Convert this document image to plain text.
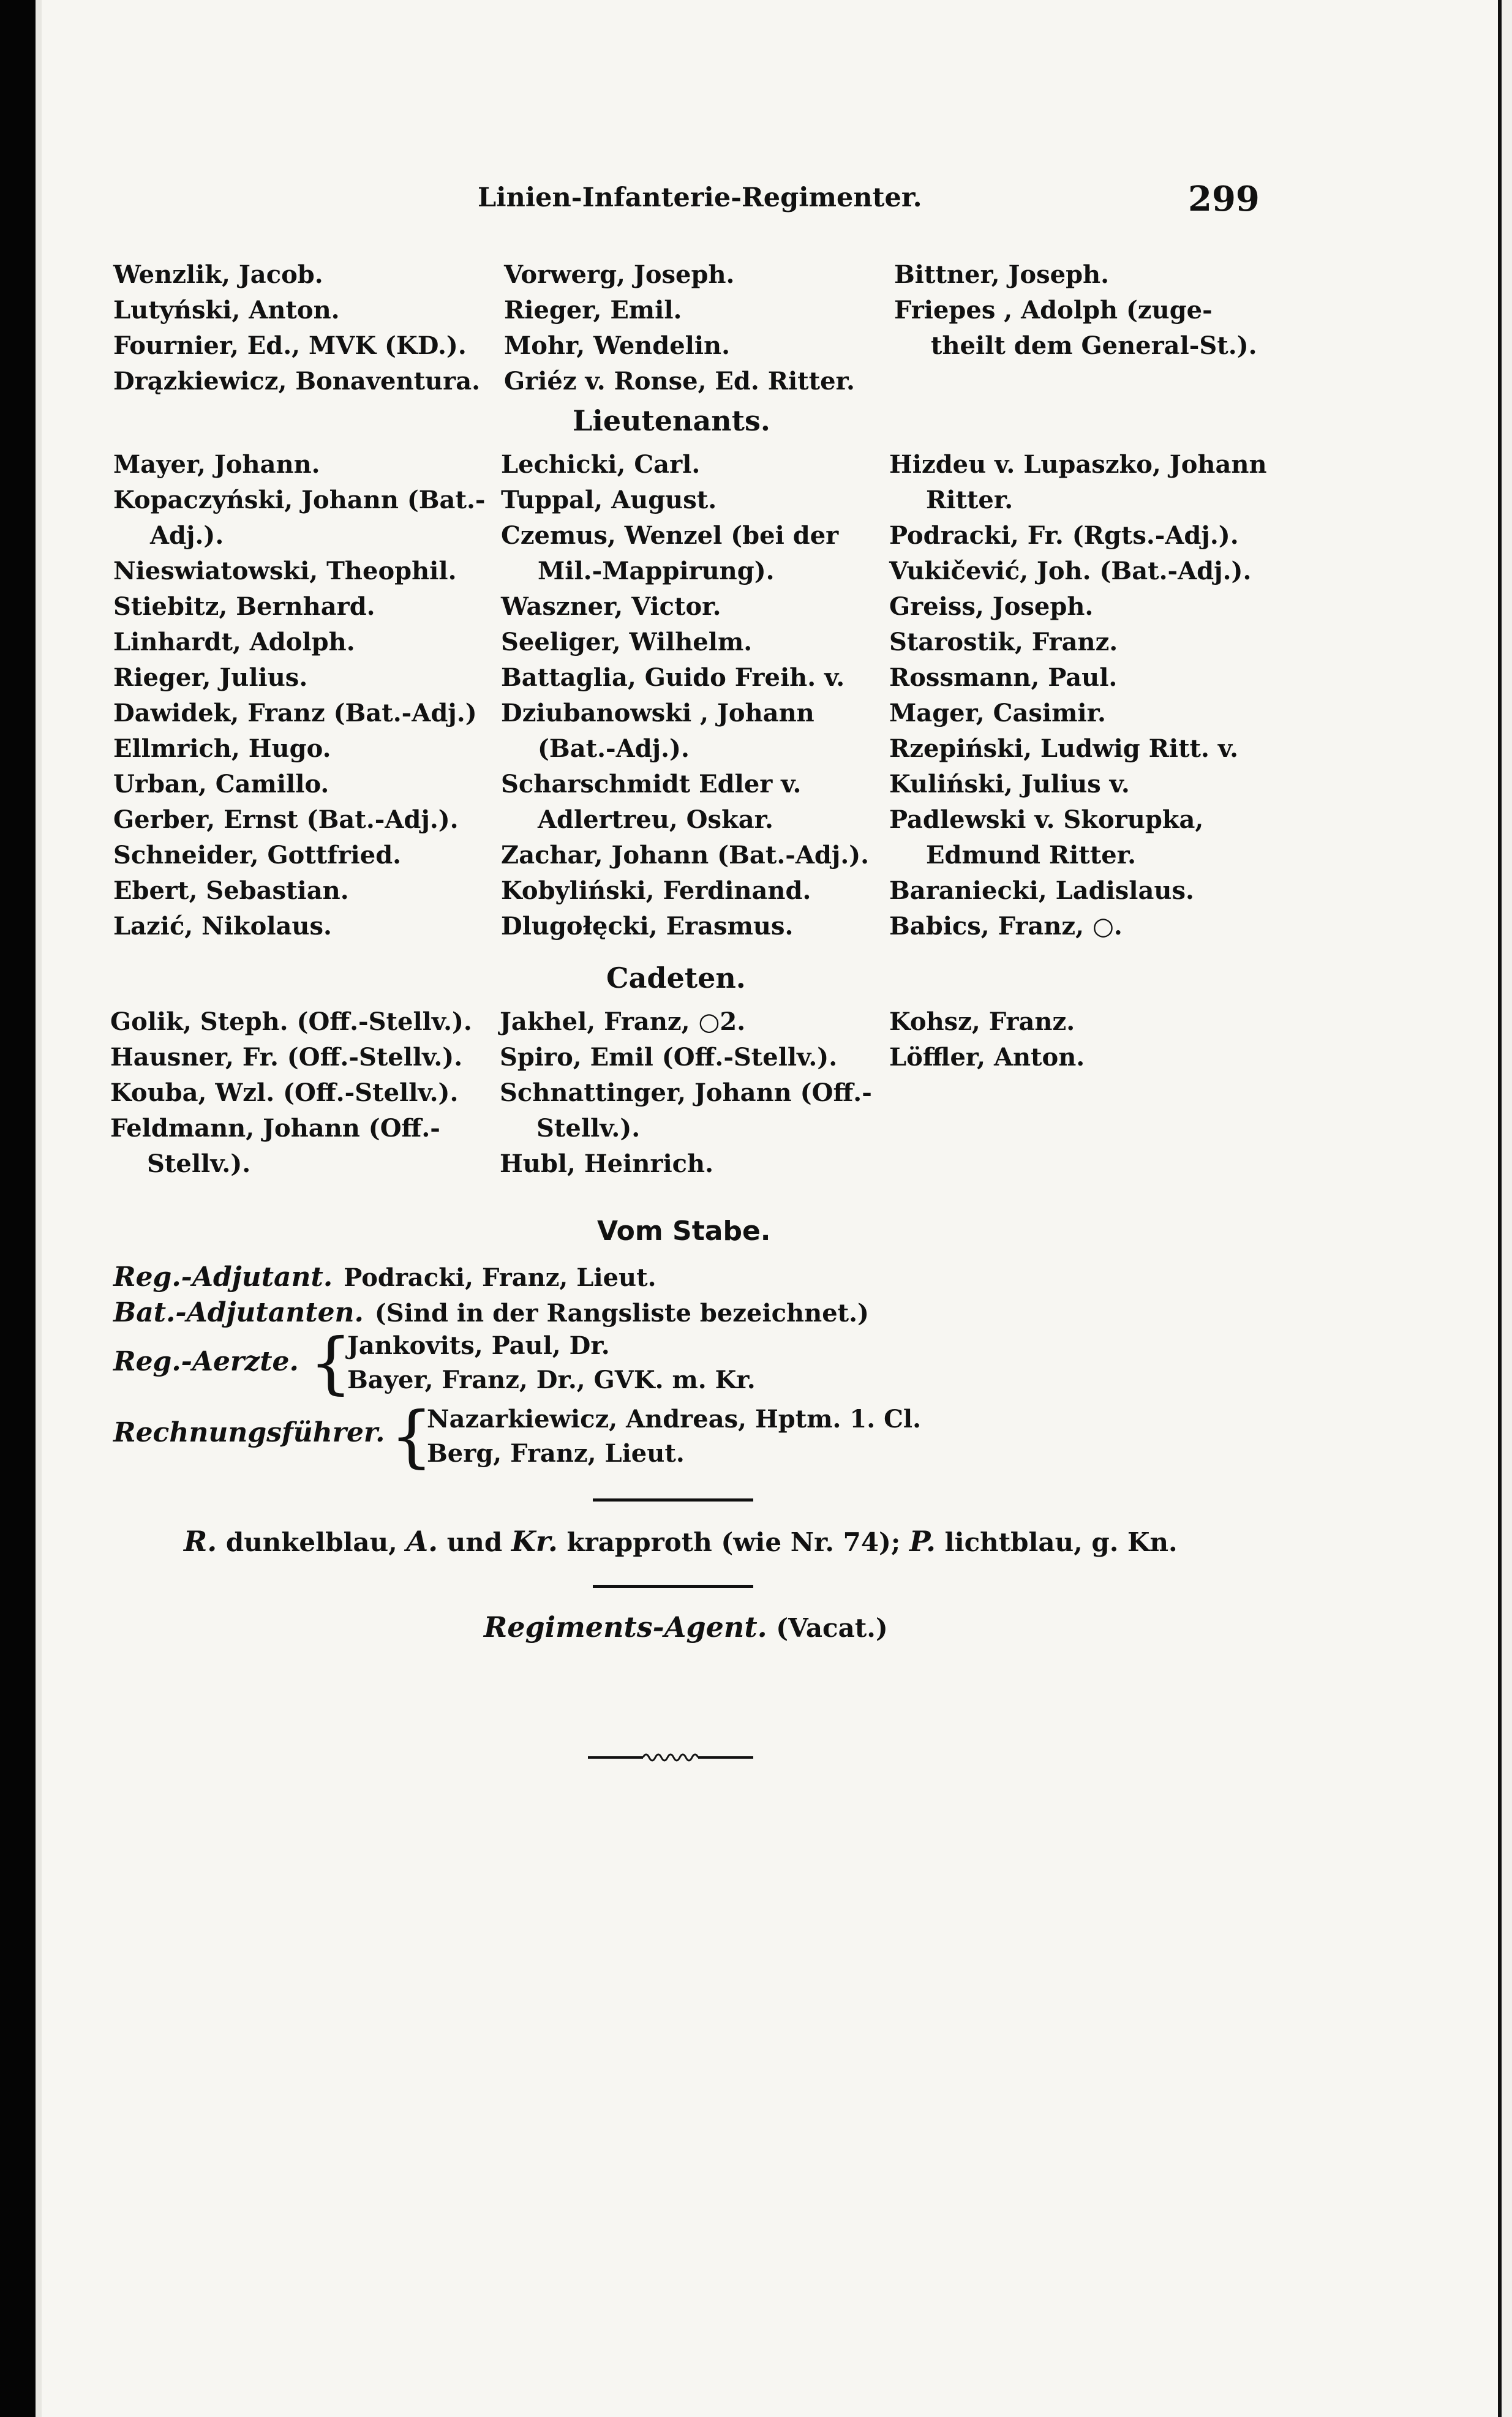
Linien-Infanterie-Regimenter.	299
Wenzlik, Jacob.
Lutyński, Anton.
Fournier, Ed., MVK (KD.).
Drązkiewicz, Bonaventura.
Vorwerg, Joseph.
Rieger, Emil.
Mohr, Wendelin.
Griéz v. Ronse, Ed. Ritter.
Bittner, Joseph.
Friepes , Adolph (zuge-
theilt dem General-St.).
Lieutenants.
Mayer, Johann.
Kopaczyński, Johann (Bat.-
Adj.).
Nieswiatowski, Theophil.
Stiebitz, Bernhard.
Linhardt, Adolph.
Rieger, Julius.
Dawidek, Franz (Bat.-Adj.)
Ellmrich, Hugo.
Urban, Camillo.
Gerber, Ernst (Bat.-Adj.).
Schneider, Gottfried.
Ebert, Sebastian.
Lazić, Nikolaus.
Lechicki, Carl.
Tuppal, August.
Czemus, Wenzel (bei der
Mil.-Mappirung).
Waszner, Victor.
Seeliger, Wilhelm.
Battaglia, Guido Freih. v.
Dziubanowski , Johann
(Bat.-Adj.).
Scharschmidt Edler v.
Adlertreu, Oskar.
Zachar, Johann (Bat.-Adj.).
Kobyliński, Ferdinand.
Dlugołęcki, Erasmus.
Hizdeu v. Lupaszko, Johann
Ritter.
Podracki, Fr. (Rgts.-Adj.).
Vukičević, Joh. (Bat.-Adj.).
Greiss, Joseph.
Starostik, Franz.
Rossmann, Paul.
Mager, Casimir.
Rzepiński, Ludwig Ritt. v.
Kuliński, Julius v.
Padlewski v. Skorupka,
Edmund Ritter.
Baraniecki, Ladislaus.
Babics, Franz, ○.
Cadeten.
Golik, Steph. (Off.-Stellv.).
Hausner, Fr. (Off.-Stellv.).
Kouba, Wzl. (Off.-Stellv.).
Feldmann, Johann (Off.-
Stellv.).
Jakhel, Franz, ○2.
Spiro, Emil (Off.-Stellv.).
Schnattinger, Johann (Off.-
Stellv.).
Hubl, Heinrich.
Kohsz, Franz.
Löffler, Anton.
Vom Stabe.
Reg.-Adjutant. Podracki, Franz, Lieut.
Bat.-Adjutanten. (Sind in der Rangsliste bezeichnet.)
Reg.-Aerzte. {
Jankovits, Paul, Dr.
Bayer, Franz, Dr., GVK. m. Kr.
Rechnungsführer. {
Nazarkiewicz, Andreas, Hptm. 1. Cl.
Berg, Franz, Lieut.
R. dunkelblau, A. und Kr. krapproth (wie Nr. 74); P. lichtblau, g. Kn.
Regiments-Agent. (Vacat.)
